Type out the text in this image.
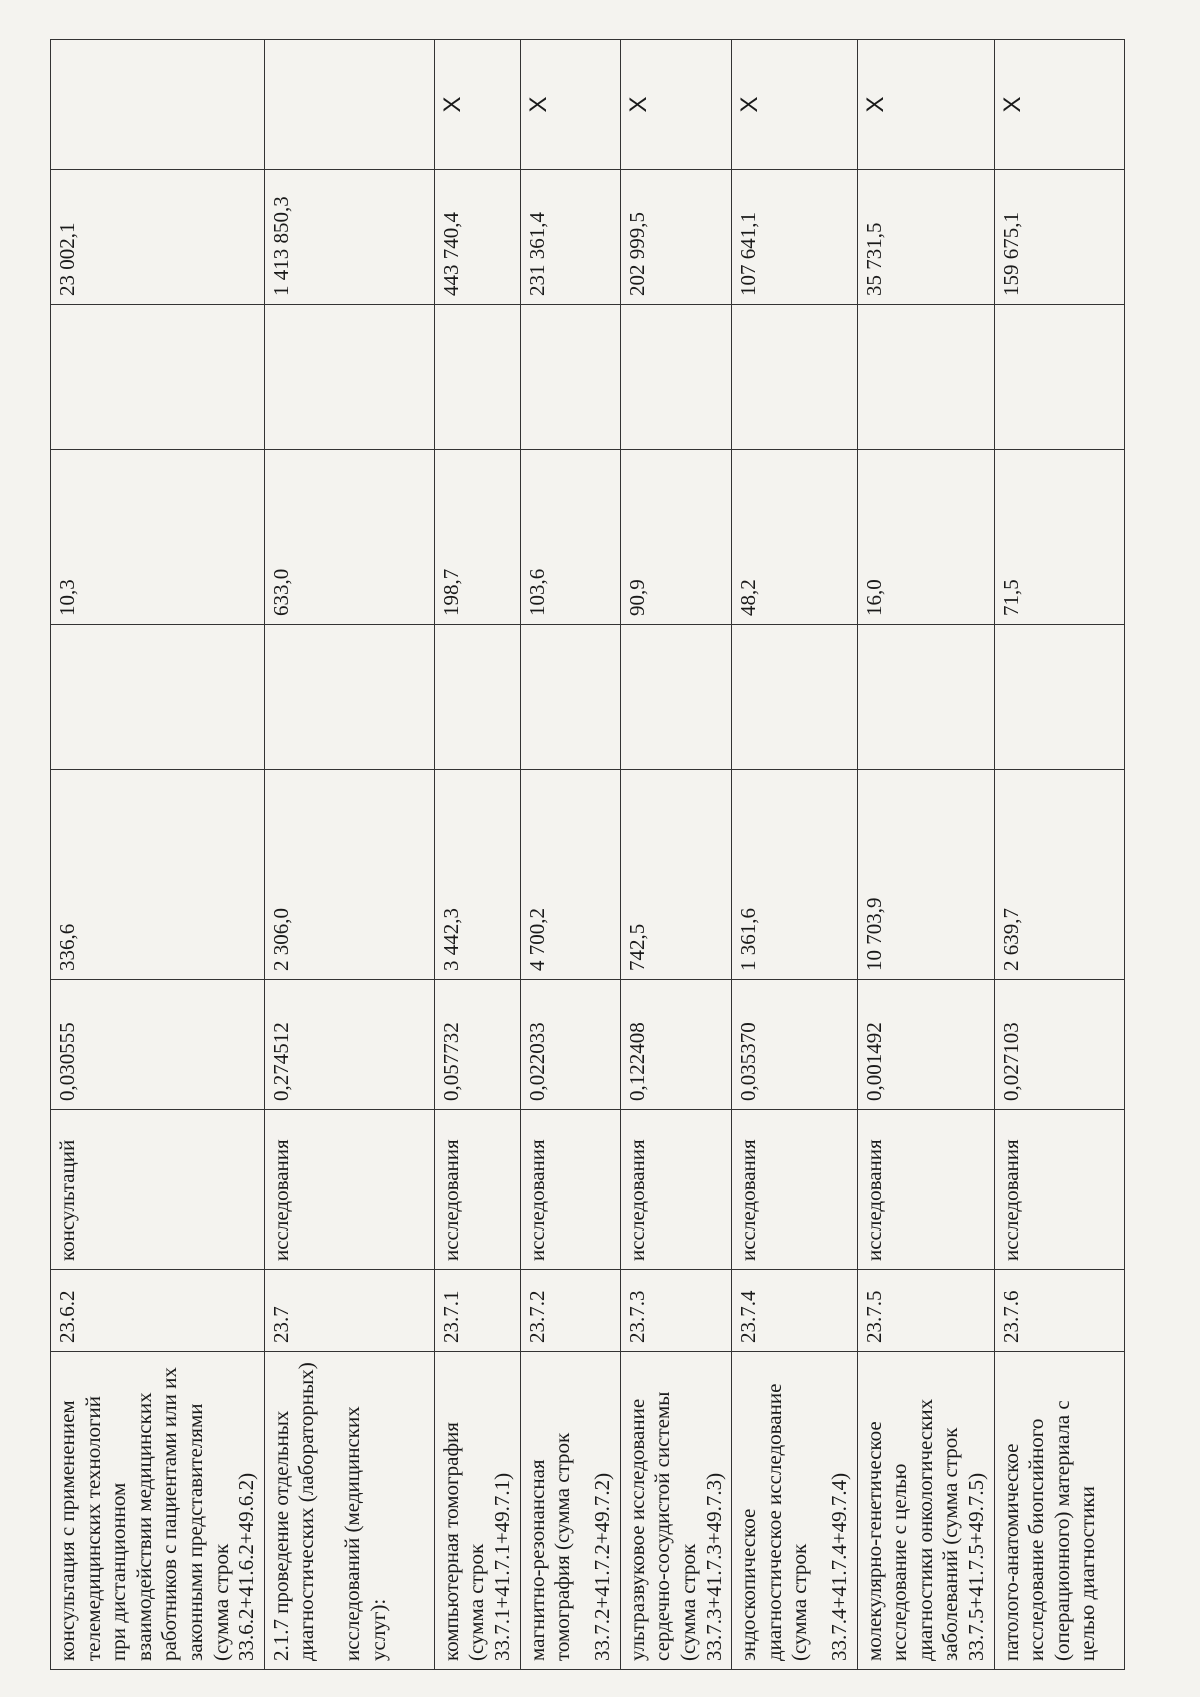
консультация с применением телемедицинских технологий при дистанционном взаимодействии медицинских работников с пациентами или их законными представителями (сумма строк 33.6.2+41.6.2+49.6.2)	23.6.2	консультаций	0,030555	336,6		10,3		23 002,1	

2.1.7 проведение отдельных диагностических (лабораторных) исследований (медицинских услуг):	23.7	исследования	0,274512	2 306,0		633,0		1 413 850,3	

компьютерная томография (сумма строк 33.7.1+41.7.1+49.7.1)	23.7.1	исследования	0,057732	3 442,3		198,7		443 740,4	X

магнитно-резонансная томография (сумма строк 33.7.2+41.7.2+49.7.2)	23.7.2	исследования	0,022033	4 700,2		103,6		231 361,4	X

ультразвуковое исследование сердечно-сосудистой системы (сумма строк 33.7.3+41.7.3+49.7.3)	23.7.3	исследования	0,122408	742,5		90,9		202 999,5	X

эндоскопическое диагностическое исследование (сумма строк 33.7.4+41.7.4+49.7.4)	23.7.4	исследования	0,035370	1 361,6		48,2		107 641,1	X

молекулярно-генетическое исследование с целью диагностики онкологических заболеваний (сумма строк 33.7.5+41.7.5+49.7.5)	23.7.5	исследования	0,001492	10 703,9		16,0		35 731,5	X

патолого-анатомическое исследование биопсийного (операционного) материала с целью диагностики	23.7.6	исследования	0,027103	2 639,7		71,5		159 675,1	X
